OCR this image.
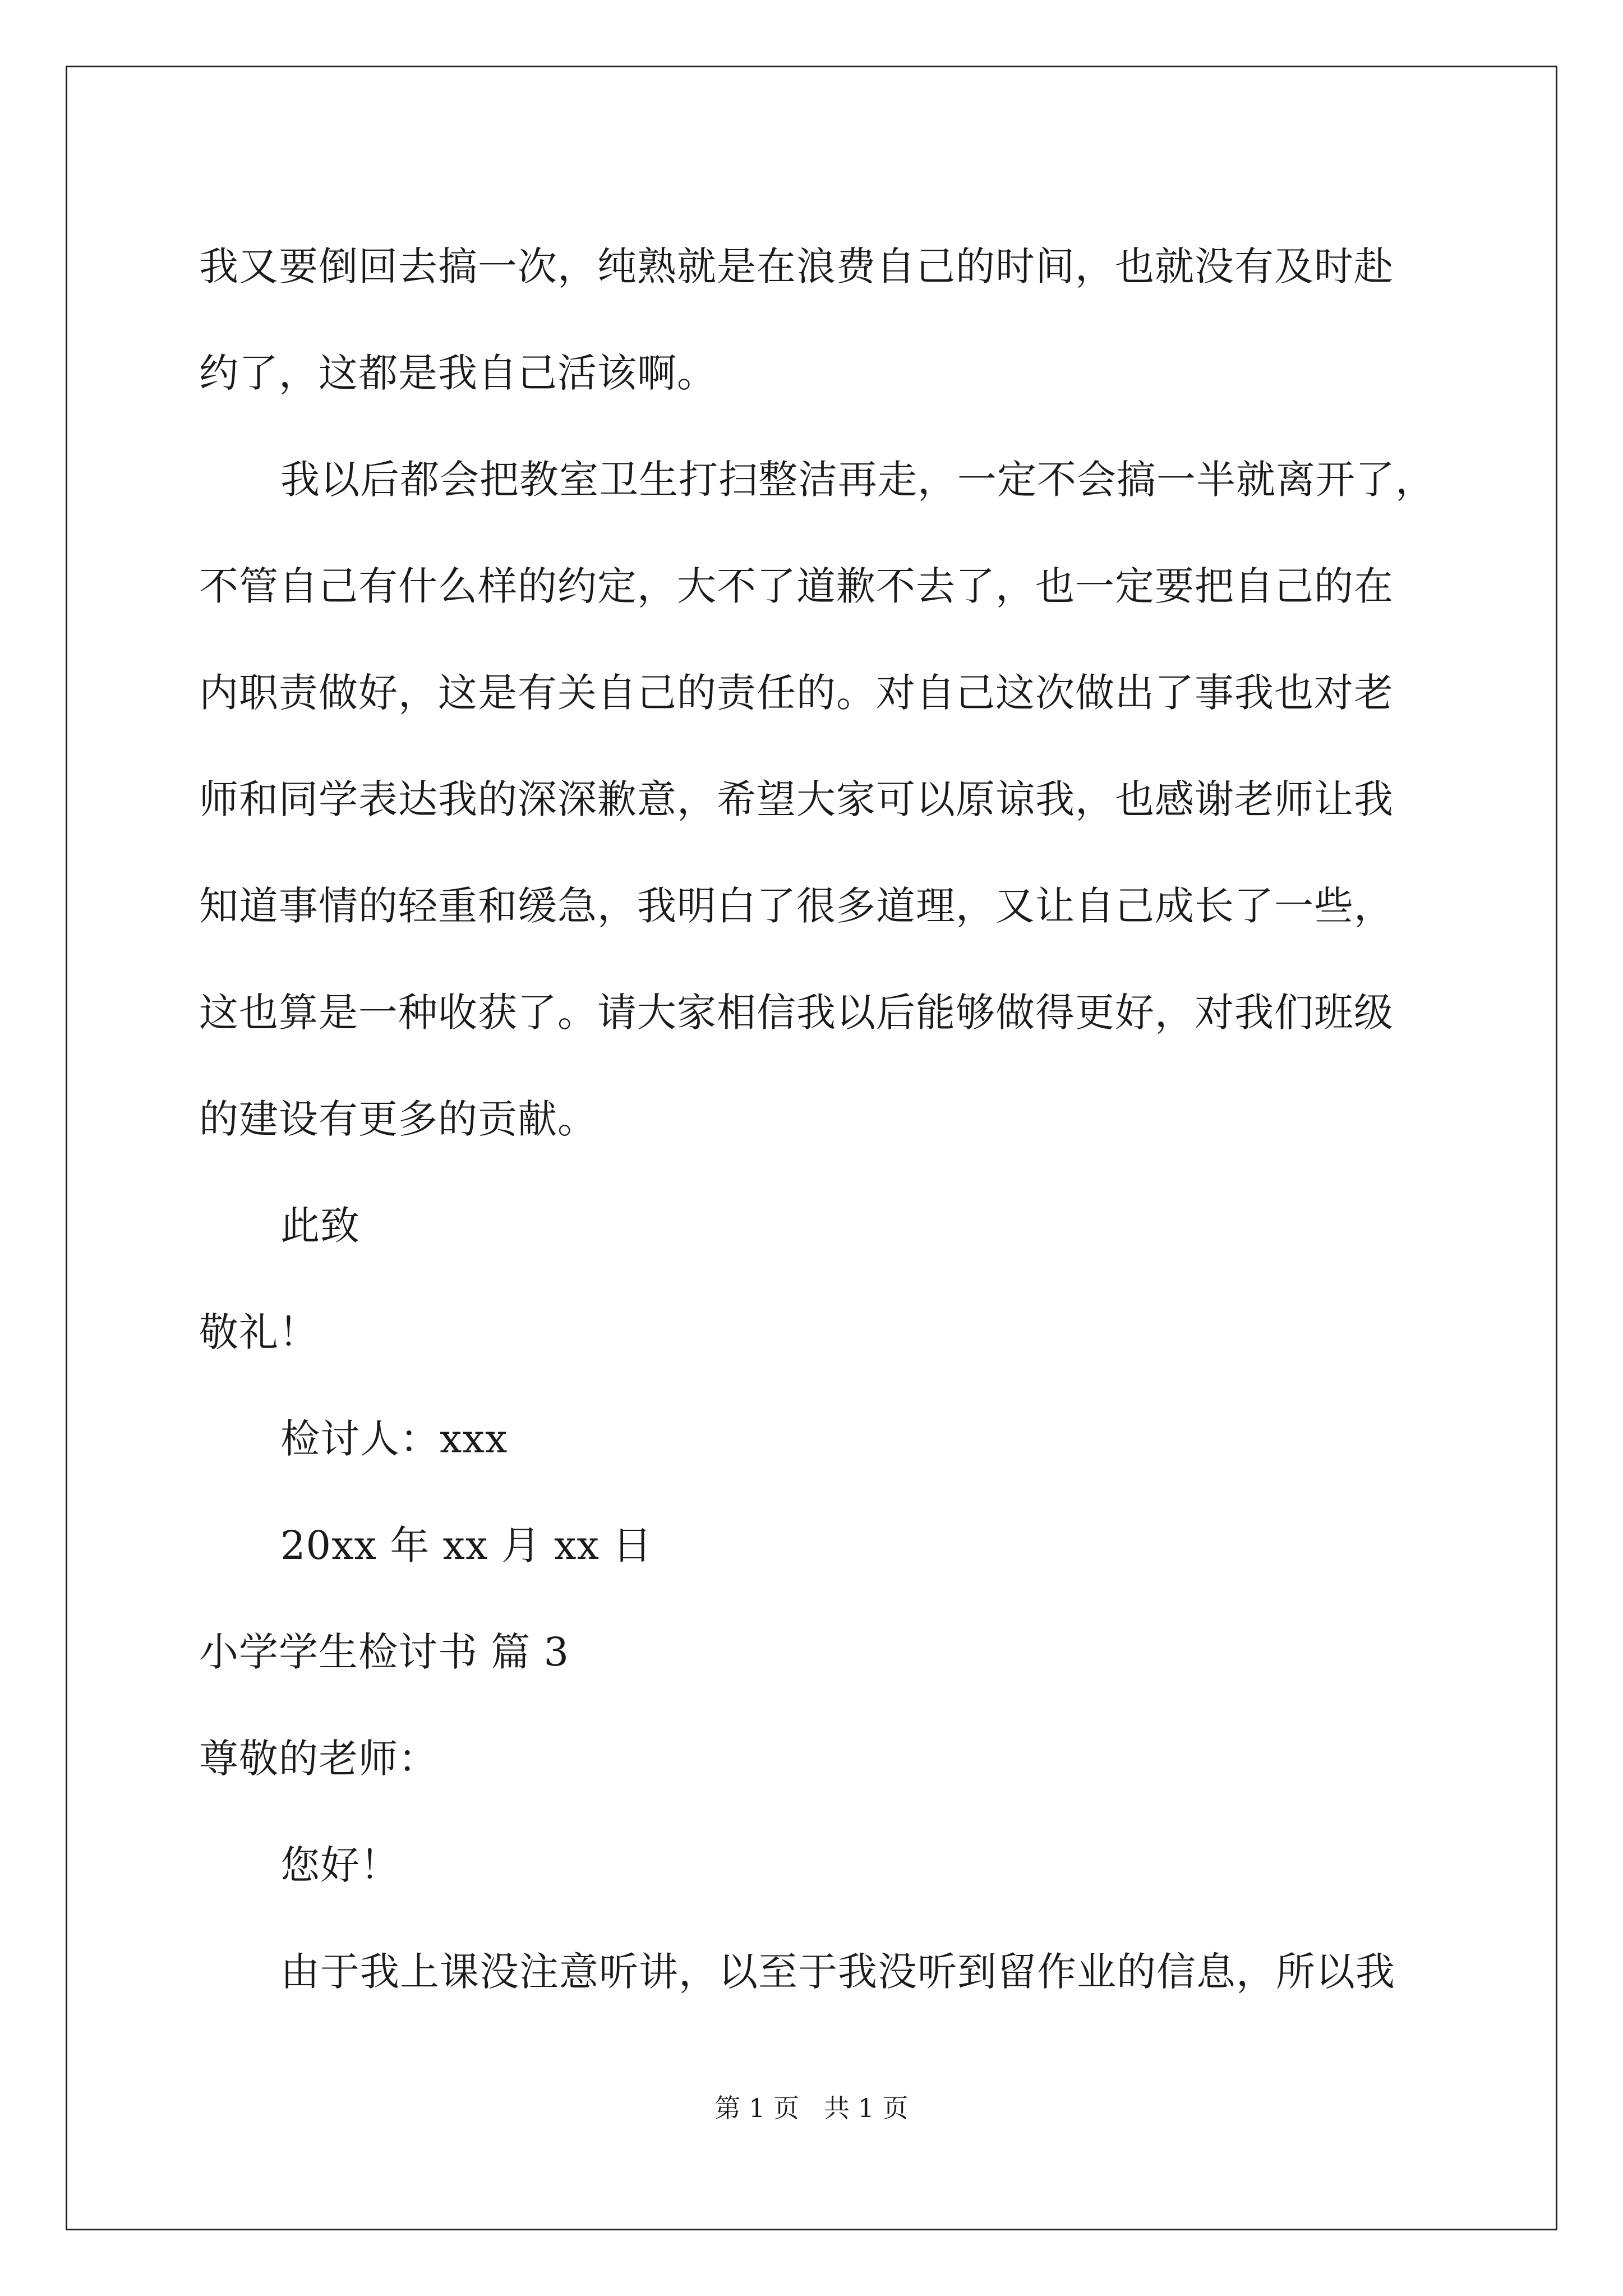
我又要倒回去搞一次，纯熟就是在浪费自己的时间，也就没有及时赴
约了，这都是我自己活该啊。
我以后都会把教室卫生打扫整洁再走，一定不会搞一半就离开了，
不管自己有什么样的约定，大不了道歉不去了，也一定要把自己的在
内职责做好，这是有关自己的责任的。对自己这次做出了事我也对老
师和同学表达我的深深歉意，希望大家可以原谅我，也感谢老师让我
知道事情的轻重和缓急，我明白了很多道理，又让自己成长了一些，
这也算是一种收获了。请大家相信我以后能够做得更好，对我们班级
的建设有更多的贡献。
此致
敬礼！
检讨人：xxx
20xx 年 xx 月 xx 日
小学学生检讨书 篇 3
尊敬的老师：
您好！
由于我上课没注意听讲，以至于我没听到留作业的信息，所以我
第 1 页 共 1 页
